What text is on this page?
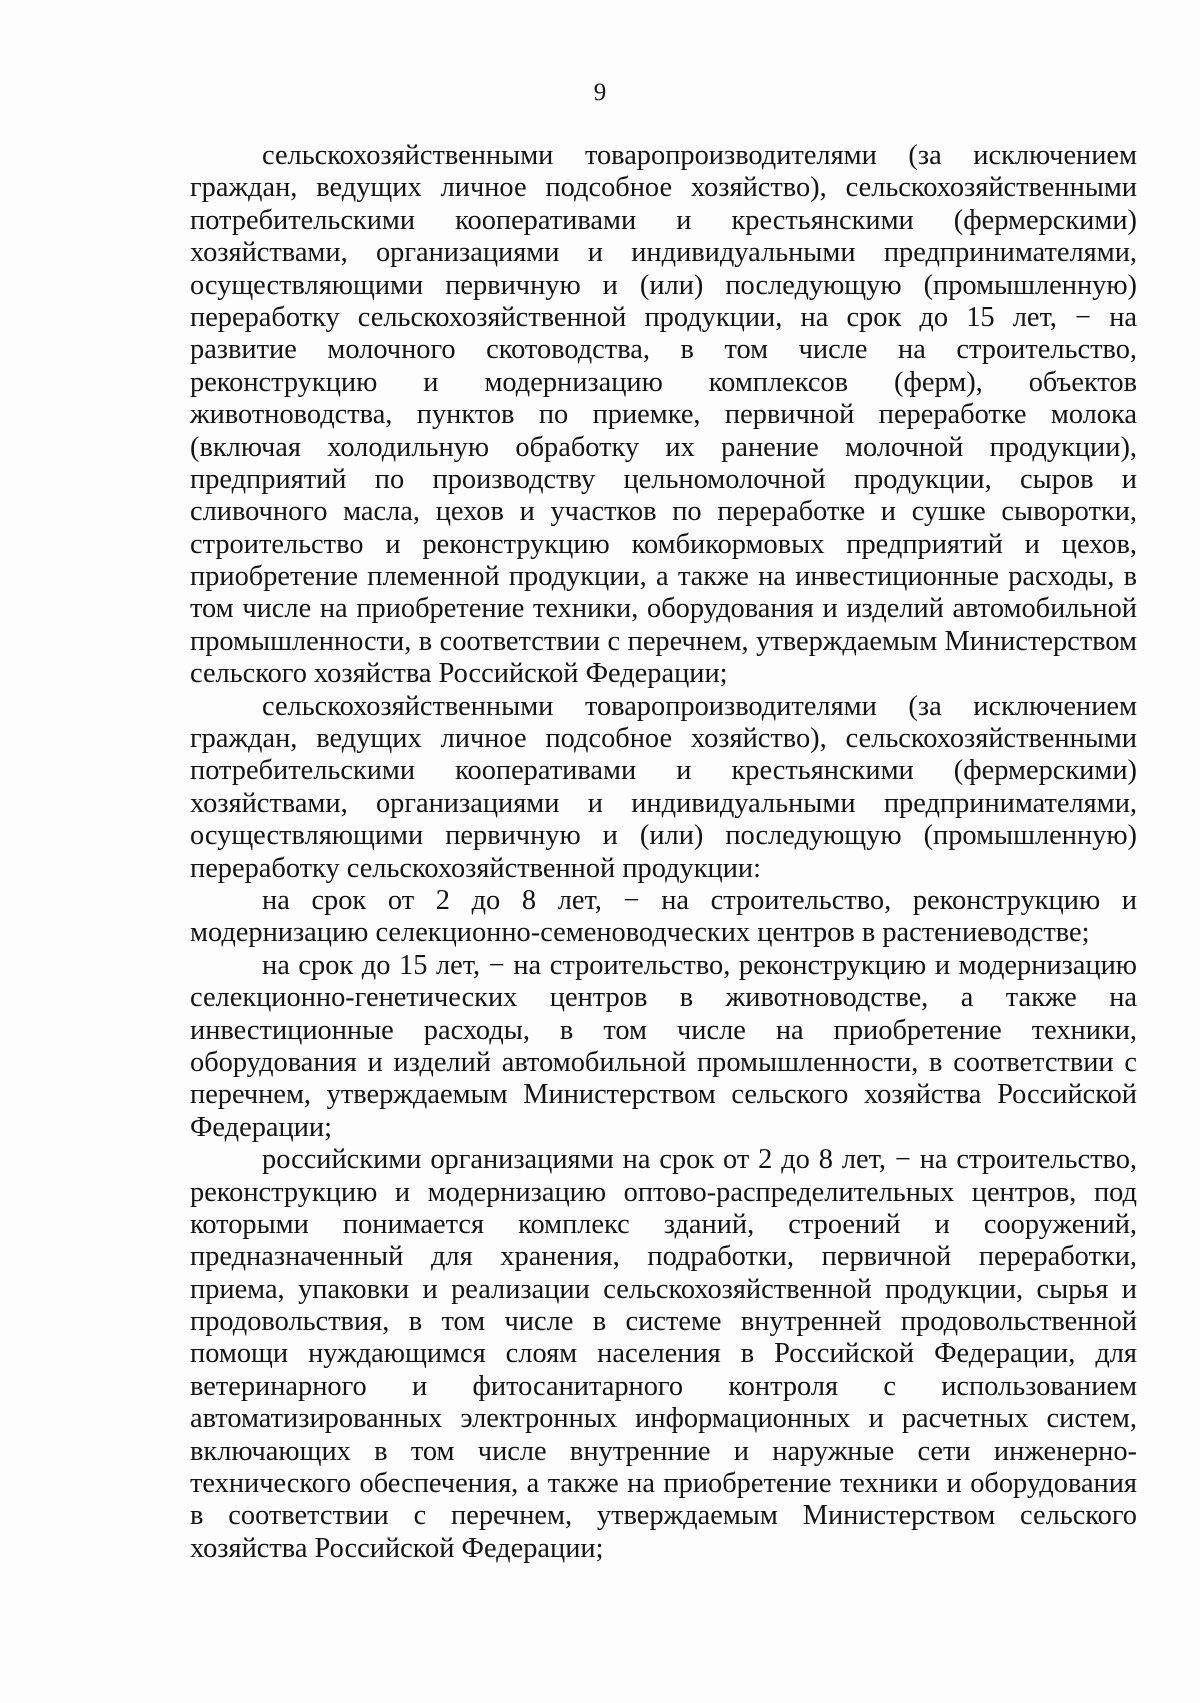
9
сельскохозяйственными товаропроизводителями (за исключением
граждан, ведущих личное подсобное хозяйство), сельскохозяйственными
потребительскими кооперативами и крестьянскими (фермерскими)
хозяйствами, организациями и индивидуальными предпринимателями,
осуществляющими первичную и (или) последующую (промышленную)
переработку сельскохозяйственной продукции, на срок до 15 лет, − на
развитие молочного скотоводства, в том числе на строительство,
реконструкцию и модернизацию комплексов (ферм), объектов
животноводства, пунктов по приемке, первичной переработке молока
(включая холодильную обработку их ранение молочной продукции),
предприятий по производству цельномолочной продукции, сыров и
сливочного масла, цехов и участков по переработке и сушке сыворотки,
строительство и реконструкцию комбикормовых предприятий и цехов,
приобретение племенной продукции, а также на инвестиционные расходы, в
том числе на приобретение техники, оборудования и изделий автомобильной
промышленности, в соответствии с перечнем, утверждаемым Министерством
сельского хозяйства Российской Федерации;
сельскохозяйственными товаропроизводителями (за исключением
граждан, ведущих личное подсобное хозяйство), сельскохозяйственными
потребительскими кооперативами и крестьянскими (фермерскими)
хозяйствами, организациями и индивидуальными предпринимателями,
осуществляющими первичную и (или) последующую (промышленную)
переработку сельскохозяйственной продукции:
на срок от 2 до 8 лет, − на строительство, реконструкцию и
модернизацию селекционно-семеноводческих центров в растениеводстве;
на срок до 15 лет, − на строительство, реконструкцию и модернизацию
селекционно-генетических центров в животноводстве, а также на
инвестиционные расходы, в том числе на приобретение техники,
оборудования и изделий автомобильной промышленности, в соответствии с
перечнем, утверждаемым Министерством сельского хозяйства Российской
Федерации;
российскими организациями на срок от 2 до 8 лет, − на строительство,
реконструкцию и модернизацию оптово-распределительных центров, под
которыми понимается комплекс зданий, строений и сооружений,
предназначенный для хранения, подработки, первичной переработки,
приема, упаковки и реализации сельскохозяйственной продукции, сырья и
продовольствия, в том числе в системе внутренней продовольственной
помощи нуждающимся слоям населения в Российской Федерации, для
ветеринарного и фитосанитарного контроля с использованием
автоматизированных электронных информационных и расчетных систем,
включающих в том числе внутренние и наружные сети инженерно-
технического обеспечения, а также на приобретение техники и оборудования
в соответствии с перечнем, утверждаемым Министерством сельского
хозяйства Российской Федерации;
